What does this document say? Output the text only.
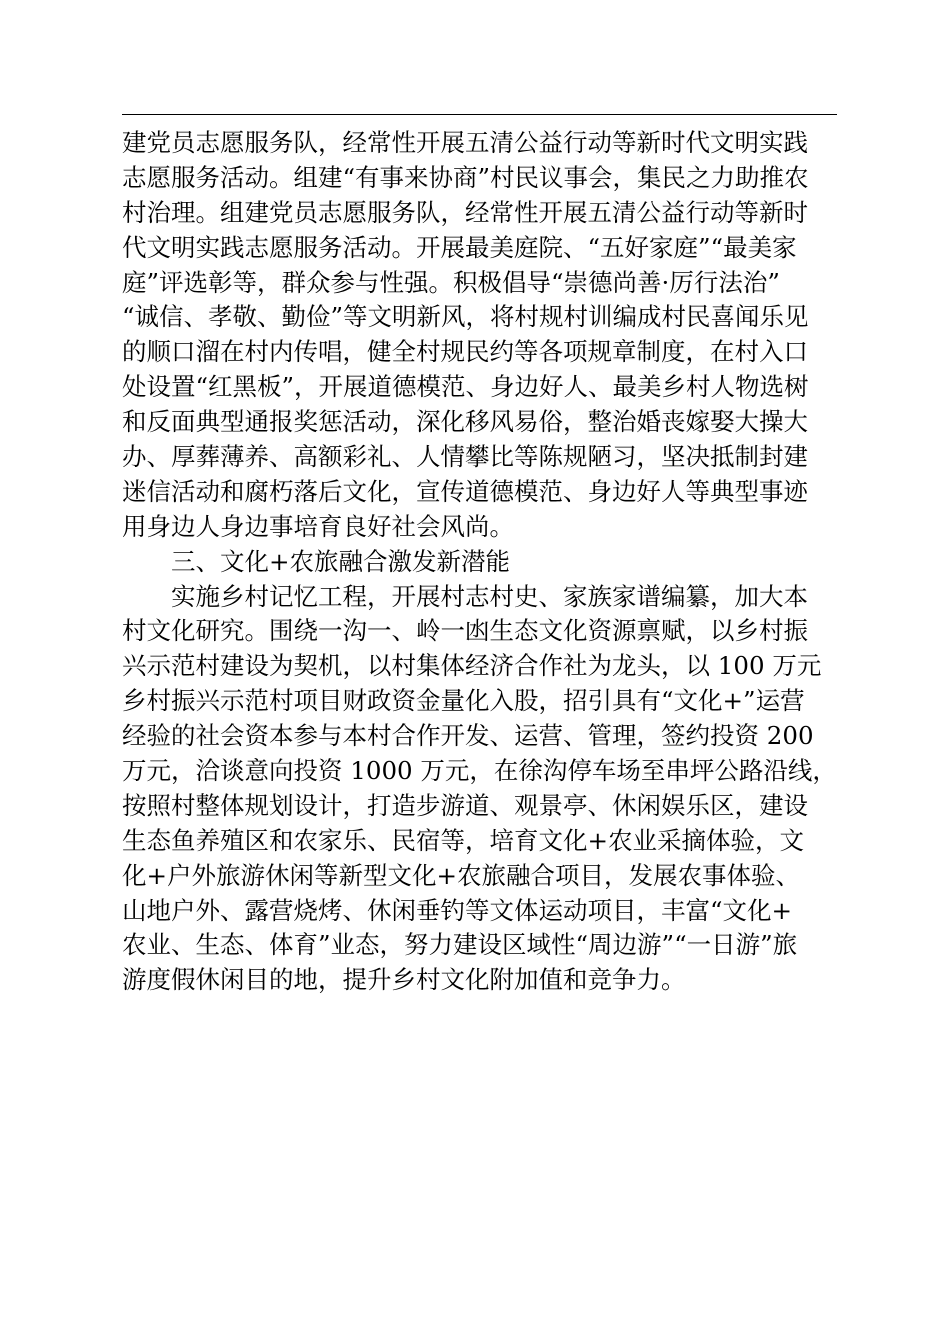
建党员志愿服务队，经常性开展五清公益行动等新时代文明实践
志愿服务活动。组建“有事来协商”村民议事会，集民之力助推农
村治理。组建党员志愿服务队，经常性开展五清公益行动等新时
代文明实践志愿服务活动。开展最美庭院、“五好家庭”“最美家
庭”评选彰等，群众参与性强。积极倡导“崇德尚善·厉行法治”
“诚信、孝敬、勤俭”等文明新风，将村规村训编成村民喜闻乐见
的顺口溜在村内传唱，健全村规民约等各项规章制度，在村入口
处设置“红黑板”，开展道德模范、身边好人、最美乡村人物选树
和反面典型通报奖惩活动，深化移风易俗，整治婚丧嫁娶大操大
办、厚葬薄养、高额彩礼、人情攀比等陈规陋习，坚决抵制封建
迷信活动和腐朽落后文化，宣传道德模范、身边好人等典型事迹
用身边人身边事培育良好社会风尚。
三、文化+农旅融合激发新潜能
实施乡村记忆工程，开展村志村史、家族家谱编纂，加大本
村文化研究。围绕一沟一、岭一凼生态文化资源禀赋，以乡村振
兴示范村建设为契机，以村集体经济合作社为龙头，以 100 万元
乡村振兴示范村项目财政资金量化入股，招引具有“文化+”运营
经验的社会资本参与本村合作开发、运营、管理，签约投资 200
万元，洽谈意向投资 1000 万元，在徐沟停车场至串坪公路沿线，
按照村整体规划设计，打造步游道、观景亭、休闲娱乐区，建设
生态鱼养殖区和农家乐、民宿等，培育文化+农业采摘体验，文
化+户外旅游休闲等新型文化+农旅融合项目，发展农事体验、
山地户外、露营烧烤、休闲垂钓等文体运动项目，丰富“文化+
农业、生态、体育”业态，努力建设区域性“周边游”“一日游”旅
游度假休闲目的地，提升乡村文化附加值和竞争力。
